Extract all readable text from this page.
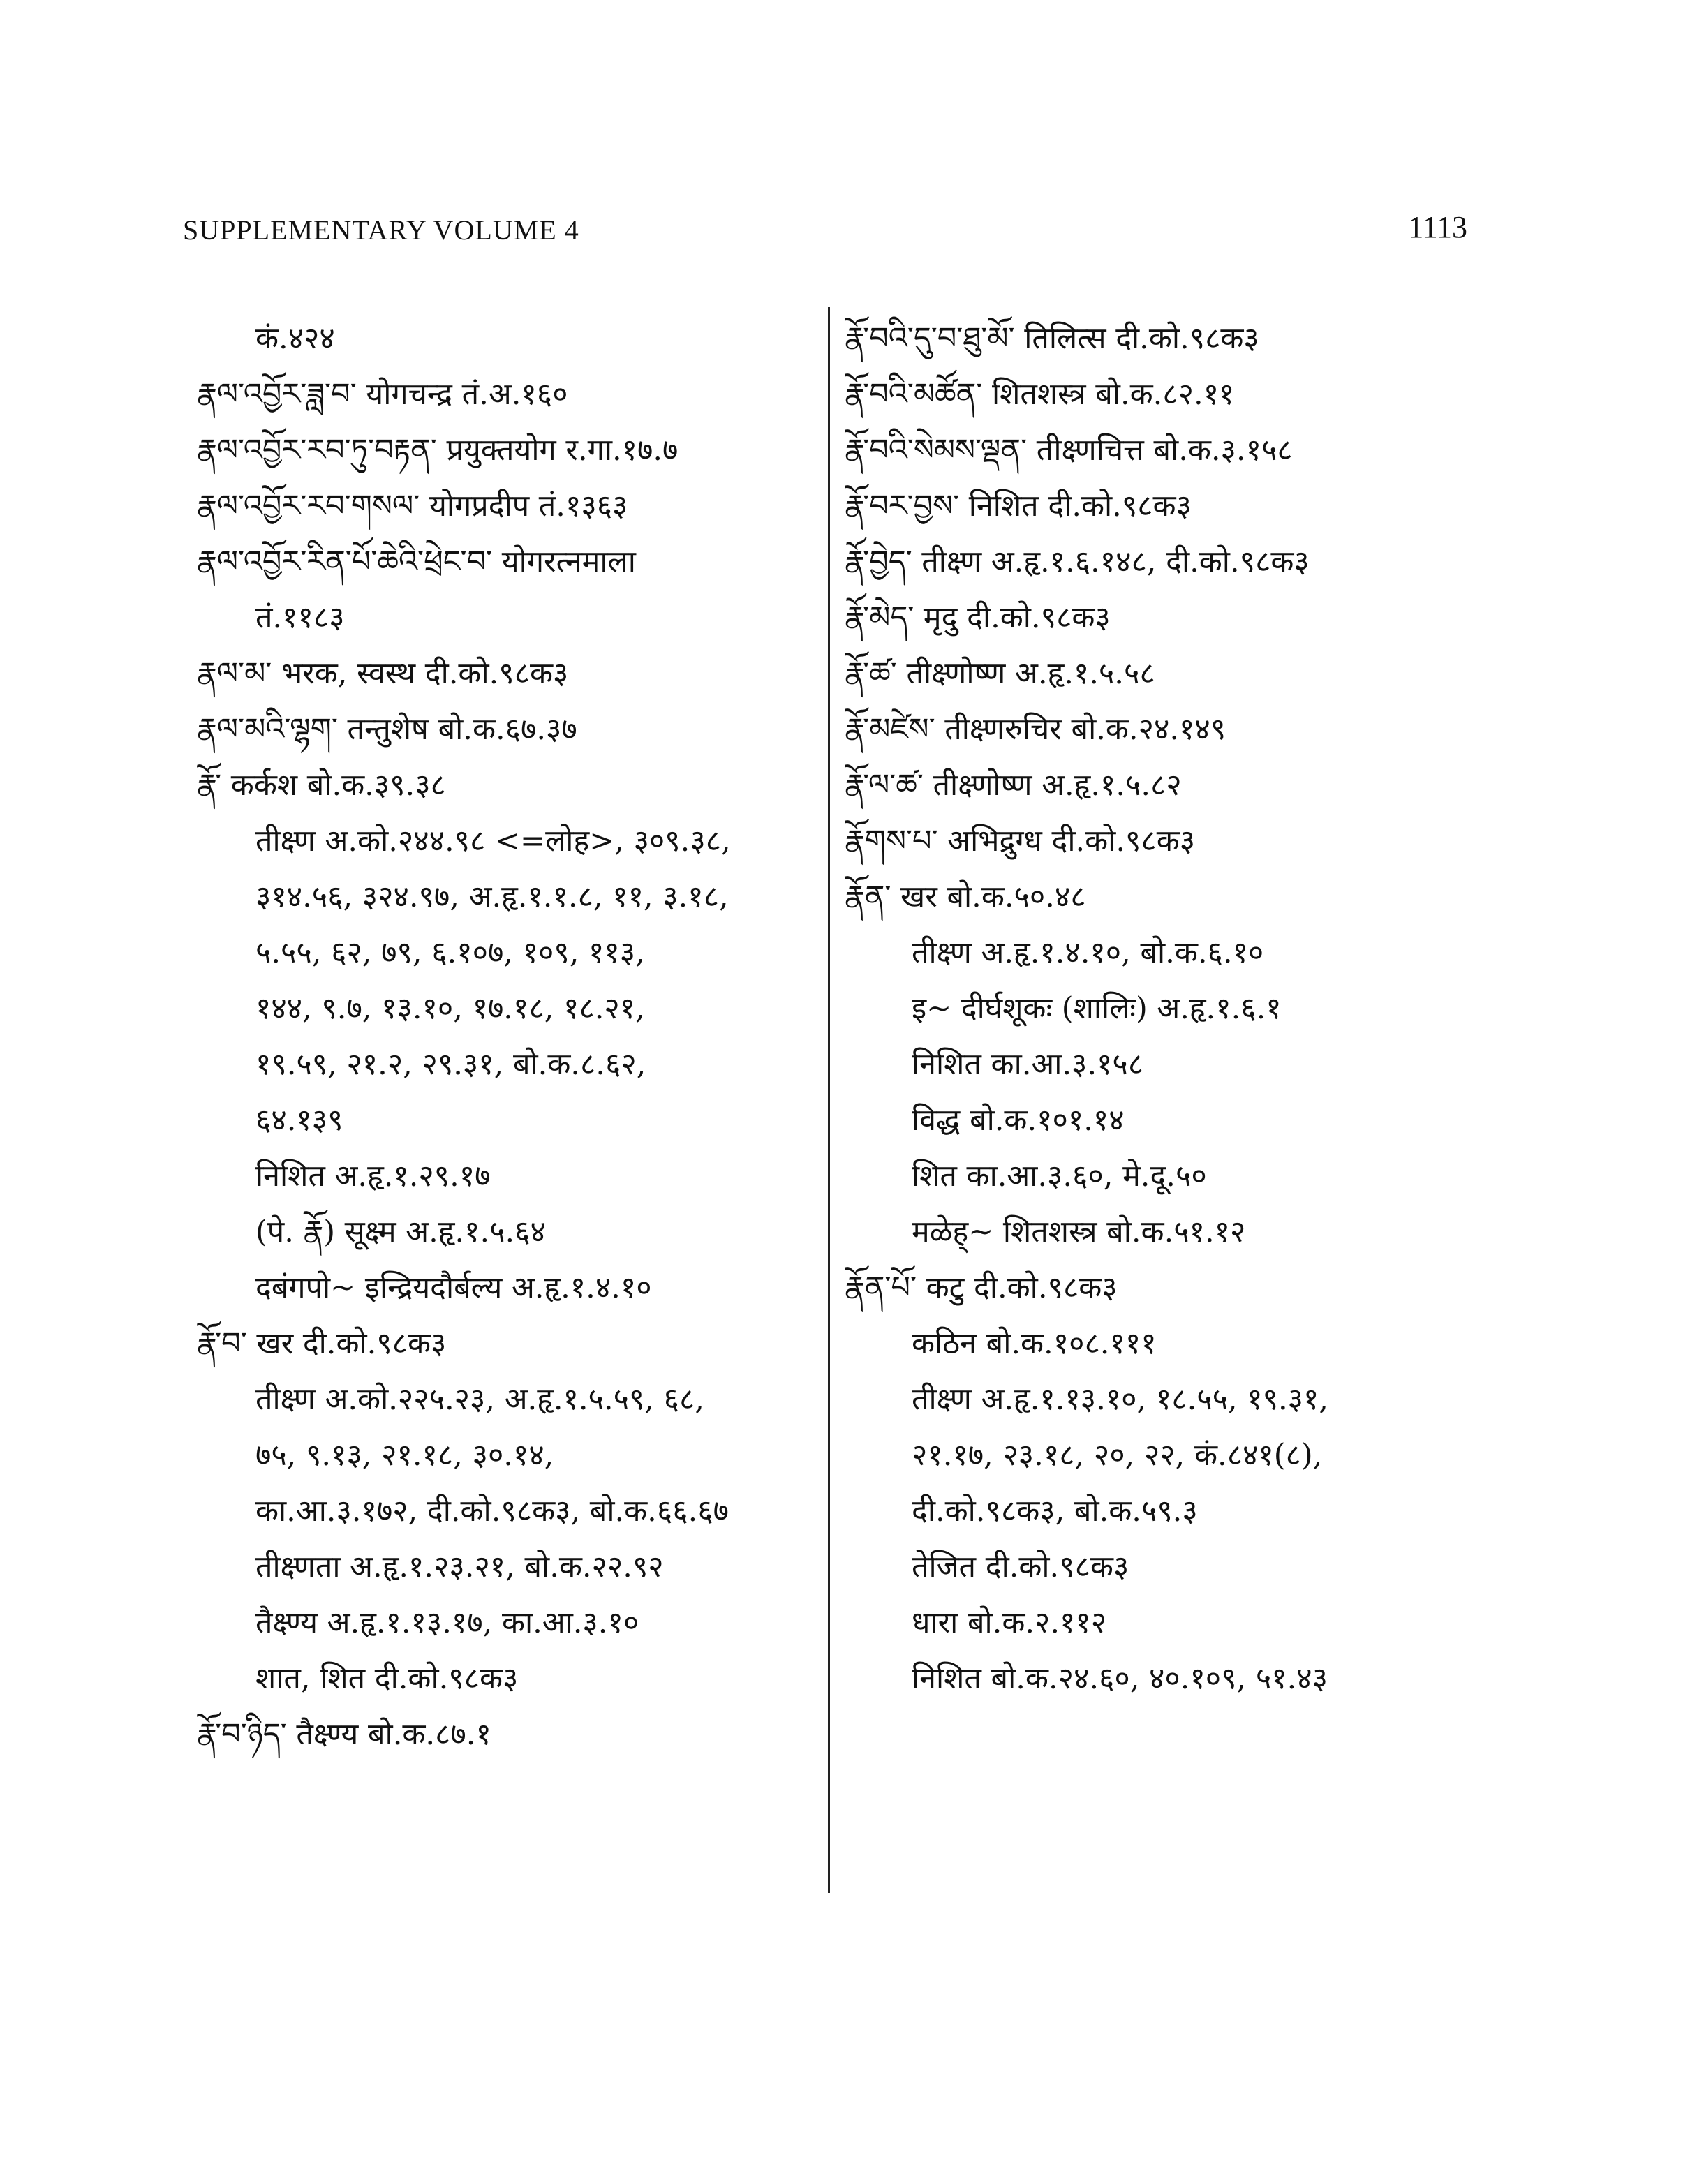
SUPPLEMENTARY VOLUME 4	1113
कं.४२४
རྣལ་འབྱོར་ཟླ་བ་ योगचन्द्र तं.अ.१६०
རྣལ་འབྱོར་རབ་ཏུ་བརྟན་ प्रयुक्तयोग र.गा.१७.७
རྣལ་འབྱོར་རབ་གསལ་ योगप्रदीप तं.१३६३
རྣལ་འབྱོར་རིན་པོ་ཆེའི་ཕྲེང་བ་ योगरत्नमाला
तं.११८३
རྣལ་མ་ भरक, स्वस्थ दी.को.९८क३
རྣལ་མའི་ལྷག་ तन्तुशेष बो.क.६७.३७
རྣོ་ कर्कश बो.क.३९.३८
तीक्ष्ण अ.को.२४४.९८ <=लोह>, ३०९.३८,
३१४.५६, ३२४.९७, अ.हृ.१.१.८, ११, ३.१८,
५.५५, ६२, ७९, ६.१०७, १०९, ११३,
१४४, ९.७, १३.१०, १७.१८, १८.२१,
१९.५९, २१.२, २९.३१, बो.क.८.६२,
६४.१३९
निशित अ.हृ.१.२९.१७
(पे. རྣོ) सूक्ष्म अ.हृ.१.५.६४
दबंगपो~ इन्द्रियदौर्बल्य अ.हृ.१.४.१०
རྣོ་བ་ खर दी.को.९८क३
तीक्ष्ण अ.को.२२५.२३, अ.हृ.१.५.५९, ६८,
७५, ९.१३, २१.१८, ३०.१४,
का.आ.३.१७२, दी.को.९८क३, बो.क.६६.६७
तीक्ष्णता अ.हृ.१.२३.२१, बो.क.२२.९२
तैक्ष्ण्य अ.हृ.१.१३.१७, का.आ.३.१०
शात, शित दी.को.९८क३
རྣོ་བ་ཉིད་ तैक्ष्ण्य बो.क.८७.१
རྣོ་བའི་དུ་བ་ཐུ་མོ་ तिलित्स दी.को.९८क३
རྣོ་བའི་མཚོན་ शितशस्त्र बो.क.८२.११
རྣོ་བའི་སེམས་ལྡན་ तीक्ष्णचित्त बो.क.३.१५८
རྣོ་བར་བྱས་ निशित दी.को.९८क३
རྣོ་བྱེད་ तीक्ष्ण अ.हृ.१.६.१४८, दी.को.९८क३
རྣོ་མེད་ मृदु दी.को.९८क३
རྣོ་ཚ་ तीक्ष्णोष्ण अ.हृ.१.५.५८
རྣོ་མཛེས་ तीक्ष्णरुचिर बो.क.२४.१४९
རྣོ་ལ་ཚ་ तीक्ष्णोष्ण अ.हृ.१.५.८२
རྣོགས་པ་ अभिद्रुग्ध दी.को.९८क३
རྣོན་ खर बो.क.५०.४८
तीक्ष्ण अ.हृ.१.४.१०, बो.क.६.१०
इ~ दीर्घशूकः (शालिः) अ.हृ.१.६.१
निशित का.आ.३.१५८
विद्ध बो.क.१०१.१४
शित का.आ.३.६०, मे.दू.५०
मळेह्~ शितशस्त्र बो.क.५१.१२
རྣོན་པོ་ कटु दी.को.९८क३
कठिन बो.क.१०८.१११
तीक्ष्ण अ.हृ.१.१३.१०, १८.५५, १९.३१,
२१.१७, २३.१८, २०, २२, कं.८४१(८),
दी.को.९८क३, बो.क.५९.३
तेजित दी.को.९८क३
धारा बो.क.२.११२
निशित बो.क.२४.६०, ४०.१०९, ५१.४३
